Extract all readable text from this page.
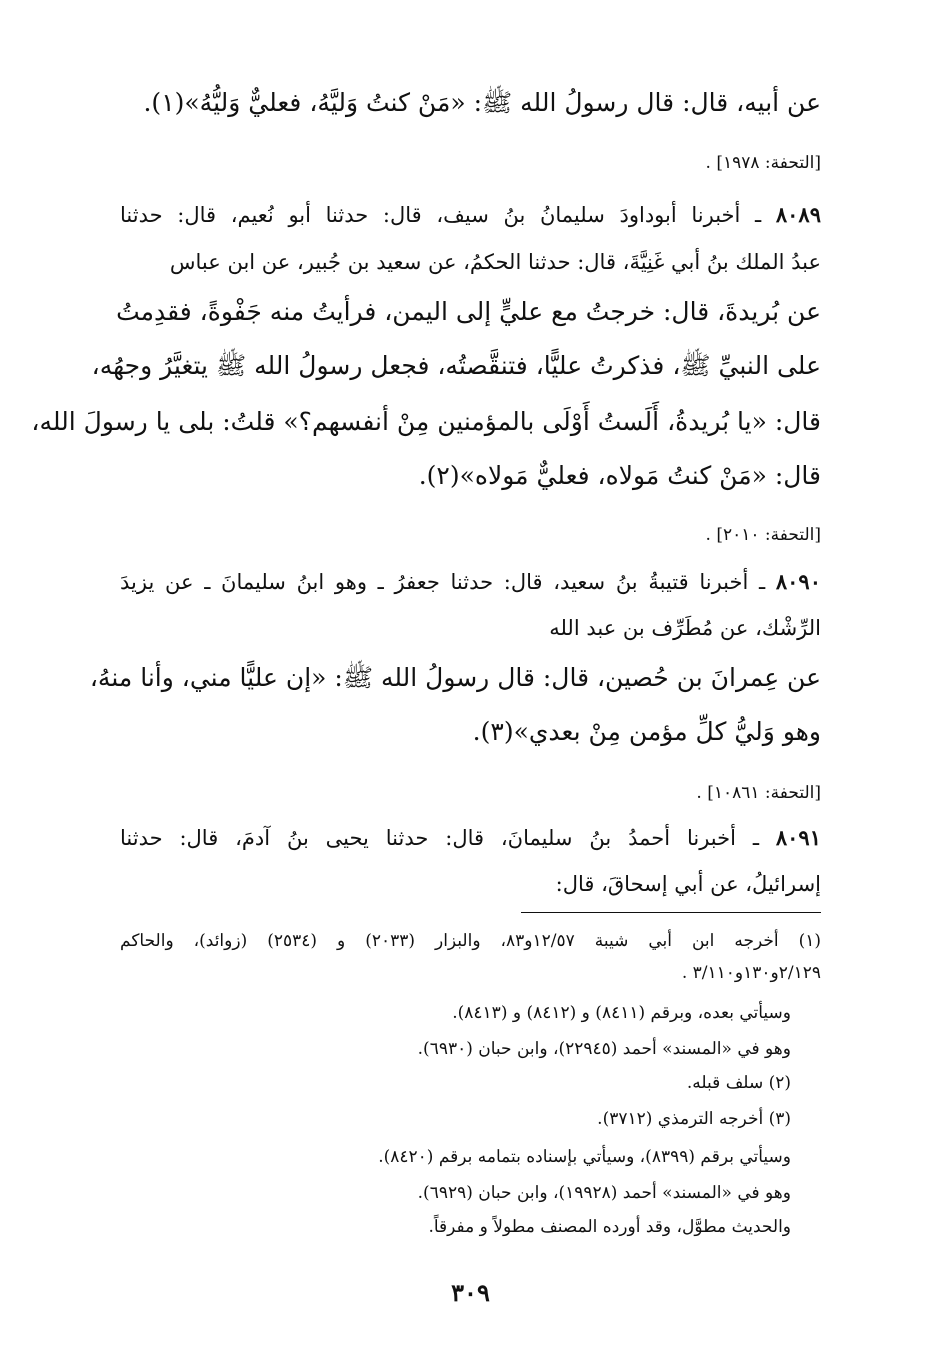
عن أبيه، قال: قال رسولُ الله ﷺ: «مَنْ كنتُ وَليَّهُ، فعليٌّ وَليُّهُ»(١).
[التحفة: ١٩٧٨] .
٨٠٨٩ ـ أخبرنا أبوداودَ سليمانُ بنُ سيف، قال: حدثنا أبو نُعيم، قال: حدثنا
عبدُ الملك بنُ أبي غَنِيَّةَ، قال: حدثنا الحكمُ، عن سعيد بن جُبير، عن ابن عباس
عن بُريدةَ، قال: خرجتُ مع عليٍّ إلى اليمن، فرأيتُ منه جَفْوةً، فقدِمتُ
على النبيِّ ﷺ، فذكرتُ عليًّا، فتنقَّصتُه، فجعل رسولُ الله ﷺ يتغيَّرُ وجهُه،
قال: «يا بُريدةُ، أَلَستُ أَوْلَى بالمؤمنين مِنْ أنفسهم؟» قلتُ: بلى يا رسولَ الله،
قال: «مَنْ كنتُ مَولاه، فعليٌّ مَولاه»(٢).
[التحفة: ٢٠١٠] .
٨٠٩٠ ـ أخبرنا قتيبةُ بنُ سعيد، قال: حدثنا جعفرُ ـ وهو ابنُ سليمانَ ـ عن يزيدَ
الرِّشْك، عن مُطَرِّف بن عبد الله
عن عِمرانَ بن حُصين، قال: قال رسولُ الله ﷺ: «إن عليًّا مني، وأنا منهُ،
وهو وَليُّ كلِّ مؤمن مِنْ بعدي»(٣).
[التحفة: ١٠٨٦١] .
٨٠٩١ ـ أخبرنا أحمدُ بنُ سليمانَ، قال: حدثنا يحيى بنُ آدمَ، قال: حدثنا
إسرائيلُ، عن أبي إسحاقَ، قال:
(١) أخرجه ابن أبي شيبة ١٢/٥٧و٨٣، والبزار (٢٠٣٣) و (٢٥٣٤) (زوائد)، والحاكم
٢/١٢٩و١٣٠و٣/١١٠ .
وسيأتي بعده، وبرقم (٨٤١١) و (٨٤١٢) و (٨٤١٣).
وهو في «المسند» أحمد (٢٢٩٤٥)، وابن حبان (٦٩٣٠).
(٢) سلف قبله.
(٣) أخرجه الترمذي (٣٧١٢).
وسيأتي برقم (٨٣٩٩)، وسيأتي بإسناده بتمامه برقم (٨٤٢٠).
وهو في «المسند» أحمد (١٩٩٢٨)، وابن حبان (٦٩٢٩).
والحديث مطوَّل، وقد أورده المصنف مطولاً و مفرقاً.
٣٠٩
